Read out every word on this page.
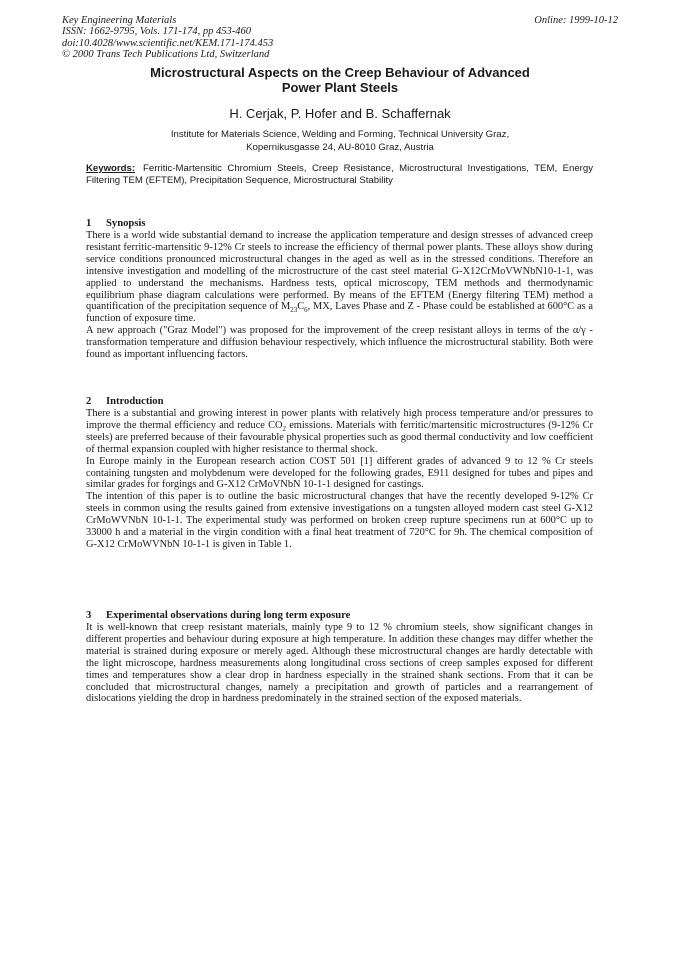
Key Engineering Materials
ISSN: 1662-9795, Vols. 171-174, pp 453-460
doi:10.4028/www.scientific.net/KEM.171-174.453
© 2000 Trans Tech Publications Ltd, Switzerland
Online: 1999-10-12
Microstructural Aspects on the Creep Behaviour of Advanced
Power Plant Steels
H. Cerjak, P. Hofer and B. Schaffernak
Institute for Materials Science, Welding and Forming, Technical University Graz,
Kopernikusgasse 24, AU-8010 Graz, Austria
Keywords: Ferritic-Martensitic Chromium Steels, Creep Resistance, Microstructural Investigations, TEM, Energy Filtering TEM (EFTEM), Precipitation Sequence, Microstructural Stability
1 Synopsis

There is a world wide substantial demand to increase the application temperature and design stresses of advanced creep resistant ferritic-martensitic 9-12% Cr steels to increase the efficiency of thermal power plants. These alloys show during service conditions pronounced microstructural changes in the aged as well as in the stressed conditions. Therefore an intensive investigation and modelling of the microstructure of the cast steel material G-X12CrMoVWNbN10-1-1, was applied to understand the mechanisms. Hardness tests, optical microscopy, TEM methods and thermodynamic equilibrium phase diagram calculations were performed. By means of the EFTEM (Energy filtering TEM) method a quantification of the precipitation sequence of $M_{23}C_6$, MX, Laves Phase and Z - Phase could be established at 600°C as a function of exposure time.

A new approach ("Graz Model") was proposed for the improvement of the creep resistant alloys in terms of the α/γ - transformation temperature and diffusion behaviour respectively, which influence the microstructural stability. Both were found as important influencing factors.

2 Introduction

There is a substantial and growing interest in power plants with relatively high process temperature and/or pressures to improve the thermal efficiency and reduce $CO_2$ emissions. Materials with ferritic/martensitic microstructures (9-12% Cr steels) are preferred because of their favourable physical properties such as good thermal conductivity and low coefficient of thermal expansion coupled with higher resistance to thermal shock.

In Europe mainly in the European research action COST 501 [1] different grades of advanced 9 to 12 % Cr steels containing tungsten and molybdenum were developed for the following grades, E911 designed for tubes and pipes and similar grades for forgings and G-X12 CrMoVNbN 10-1-1 designed for castings.

The intention of this paper is to outline the basic microstructural changes that have the recently developed 9-12% Cr steels in common using the results gained from extensive investigations on a tungsten alloyed modern cast steel G-X12 CrMoWVNbN 10-1-1. The experimental study was performed on broken creep rupture specimens run at 600°C up to 33000 h and a material in the virgin condition with a final heat treatment of 720°C for 9h. The chemical composition of G-X12 CrMoWVNbN 10-1-1 is given in Table 1.

3 Experimental observations during long term exposure

It is well-known that creep resistant materials, mainly type 9 to 12 % chromium steels, show significant changes in different properties and behaviour during exposure at high temperature. In addition these changes may differ whether the material is strained during exposure or merely aged. Although these microstructural changes are hardly detectable with the light microscope, hardness measurements along longitudinal cross sections of creep samples exposed for different times and temperatures show a clear drop in hardness especially in the strained shank sections. From that it can be concluded that microstructural changes, namely a precipitation and growth of particles and a rearrangement of dislocations yielding the drop in hardness predominately in the strained section of the exposed materials.
